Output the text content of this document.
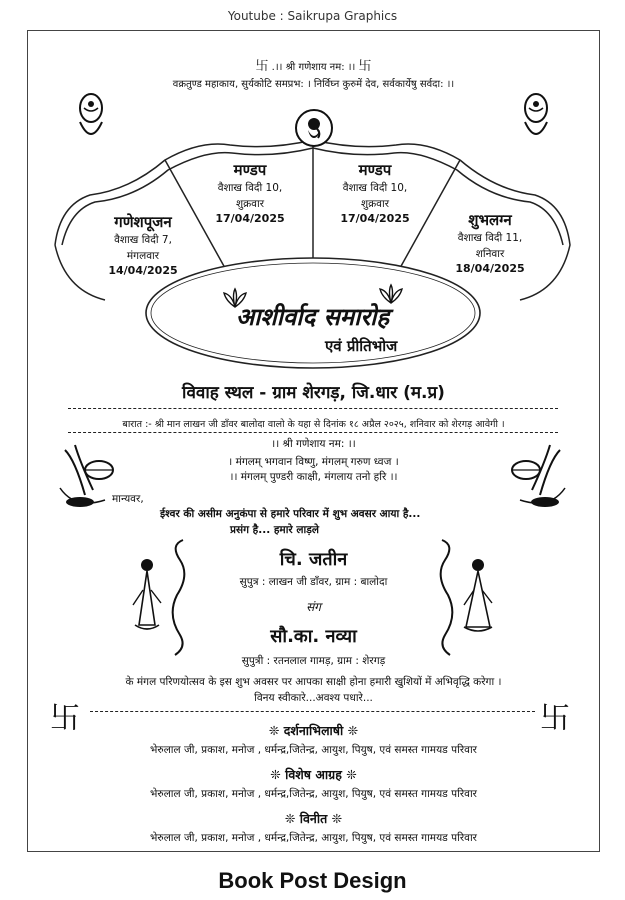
Youtube : Saikrupa Graphics
卐 .।। श्री गणेशाय नम: ।। 卐
वक्रतुण्ड महाकाय, सुर्यकोटि समप्रभ: । निर्विघ्न कुरुमें देव, सर्वकार्येषु सर्वदा: ।।
गणेशपूजन
वैशाख विदी 7,
मंगलवार
14/04/2025
मण्डप
वैशाख विदी 10,
शुक्रवार
17/04/2025
मण्डप
वैशाख विदी 10,
शुक्रवार
17/04/2025	शुभलग्न
वैशाख विदी 11,
शनिवार
18/04/2025
आशीर्वाद समारोह
एवं प्रीतिभोज
विवाह स्थल - ग्राम शेरगड़, जि.धार (म.प्र)
बारात :- श्री मान लाखन जी डाँवर बालोदा वालो के यहा से दिनांक १८ अप्रैल २०२५, शनिवार को शेरगड़ आवेगी ।
।। श्री गणेशाय नम: ।।
। मंगलम् भगवान विष्णु, मंगलम् गरुण ध्वज ।
।। मंगलम् पुण्डरी काक्षी, मंगलाय तनो हरि ।।
मान्यवर,
ईश्वर की असीम अनुकंपा से हमारे परिवार में शुभ अवसर आया है...
प्रसंग है... हमारे लाड़ले
चि. जतीन
सुपुत्र : लाखन जी डाँवर, ग्राम : बालोदा
संग
सौ.का. नव्या
सुपुत्री : रतनलाल गामड़, ग्राम : शेरगड़
के मंगल परिणयोत्सव के इस शुभ अवसर पर आपका साक्षी होना हमारी खुशियों में अभिवृद्धि करेगा ।
विनय स्वीकारे...अवश्य पधारे...
卐	卐
❊ दर्शनाभिलाषी ❊
भेरुलाल जी, प्रकाश, मनोज , धर्मन्द्र,जितेन्द्र, आयुश, पियुष, एवं समस्त गामयड परिवार
❊ विशेष आग्रह ❊
भेरुलाल जी, प्रकाश, मनोज , धर्मन्द्र,जितेन्द्र, आयुश, पियुष, एवं समस्त गामयड परिवार
❊ विनीत ❊
भेरुलाल जी, प्रकाश, मनोज , धर्मन्द्र,जितेन्द्र, आयुश, पियुष, एवं समस्त गामयड परिवार
Book Post Design
